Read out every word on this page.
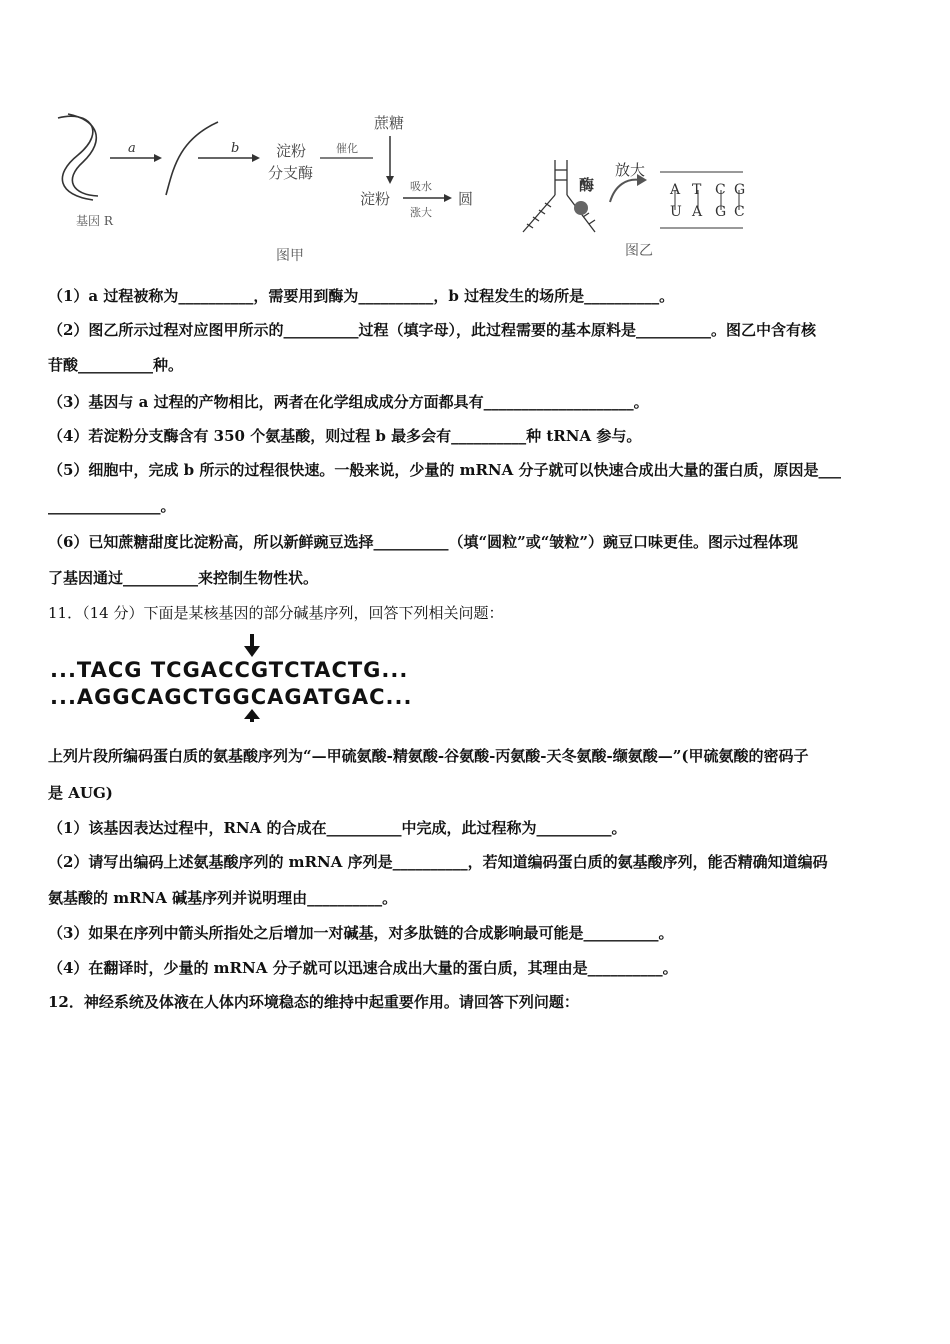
基因 R
a	b 淀粉
分支酶
催化
蔗糖
淀粉
吸水
涨大
圆
图甲
酶
放大
A T C G
U A G C
图乙
（1）a 过程被称为__________，需要用到酶为__________，b 过程发生的场所是__________。
（2）图乙所示过程对应图甲所示的__________过程（填字母），此过程需要的基本原料是__________。图乙中含有核
苷酸__________种。
（3）基因与 a 过程的产物相比，两者在化学组成成分方面都具有____________________。
（4）若淀粉分支酶含有 350 个氨基酸，则过程 b 最多会有__________种 tRNA 参与。
（5）细胞中，完成 b 所示的过程很快速。一般来说，少量的 mRNA 分子就可以快速合成出大量的蛋白质，原因是___
_______________。
（6）已知蔗糖甜度比淀粉高，所以新鲜豌豆选择__________（填“圆粒”或“皱粒”）豌豆口味更佳。图示过程体现
了基因通过__________来控制生物性状。
11．（14 分）下面是某核基因的部分碱基序列，回答下列相关问题：
...TACG TCGACCGTCTACTG...
...AGGCAGCTGGCAGATGAC...
上列片段所编码蛋白质的氨基酸序列为“—甲硫氨酸-精氨酸-谷氨酸-丙氨酸-天冬氨酸-缬氨酸—”(甲硫氨酸的密码子
是 AUG)
（1）该基因表达过程中，RNA 的合成在__________中完成，此过程称为__________。
（2）请写出编码上述氨基酸序列的 mRNA 序列是__________，若知道编码蛋白质的氨基酸序列，能否精确知道编码
氨基酸的 mRNA 碱基序列并说明理由__________。
（3）如果在序列中箭头所指处之后增加一对碱基，对多肽链的合成影响最可能是__________。
（4）在翻译时，少量的 mRNA 分子就可以迅速合成出大量的蛋白质，其理由是__________。
12．神经系统及体液在人体内环境稳态的维持中起重要作用。请回答下列问题：
